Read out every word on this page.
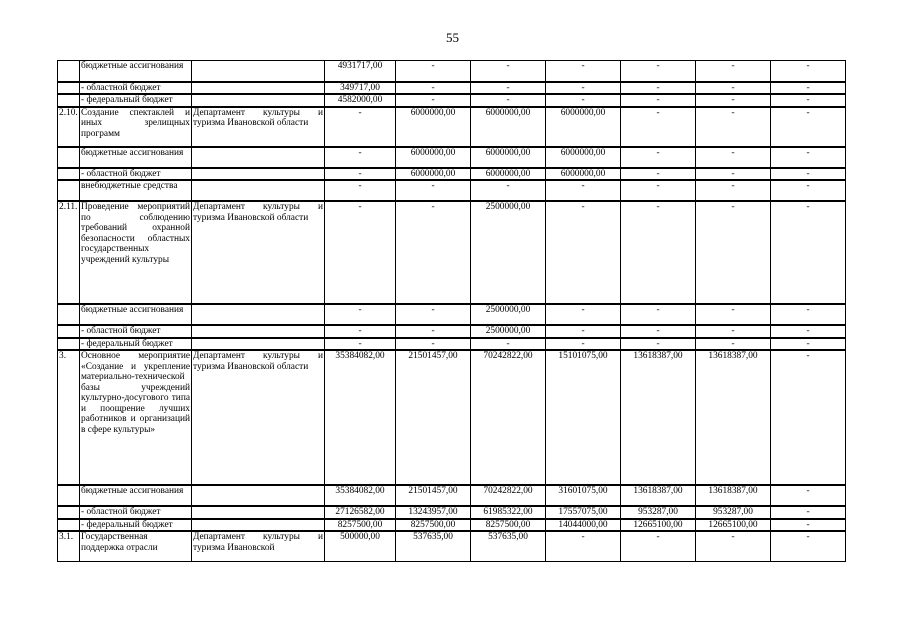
55
	бюджетные ассигнования		4931717,00	-	-	-	-	-	-
	- областной бюджет		349717,00	-	-	-	-	-	-
	- федеральный бюджет		4582000,00	-	-	-	-	-	-
2.10.	Создание спектаклей и иных зрелищных программ	Департамент культуры и туризма Ивановской области	-	6000000,00	6000000,00	6000000,00	-	-	-
	бюджетные ассигнования		-	6000000,00	6000000,00	6000000,00	-	-	-
	- областной бюджет		-	6000000,00	6000000,00	6000000,00	-	-	-
	внебюджетные средства		-	-	-	-	-	-	-
2.11.	Проведение мероприятий по соблюдению требований охранной безопасности областных государственных учреждений культуры	Департамент культуры и туризма Ивановской области	-	-	2500000,00	-	-	-	-
	бюджетные ассигнования		-	-	2500000,00	-	-	-	-
	- областной бюджет		-	-	2500000,00	-	-	-	-
	- федеральный бюджет		-	-	-	-	-	-	-
3.	Основное мероприятие «Создание и укрепление материально-технической базы учреждений культурно-досугового типа и поощрение лучших работников и организаций в сфере культуры»	Департамент культуры и туризма Ивановской области	35384082,00	21501457,00	70242822,00	15101075,00	13618387,00	13618387,00	-
	бюджетные ассигнования		35384082,00	21501457,00	70242822,00	31601075,00	13618387,00	13618387,00	-
	- областной бюджет		27126582,00	13243957,00	61985322,00	17557075,00	953287,00	953287,00	-
	- федеральный бюджет		8257500,00	8257500,00	8257500,00	14044000,00	12665100,00	12665100,00	-
3.1.	Государственная поддержка отрасли	Департамент культуры и туризма Ивановской	500000,00	537635,00	537635,00	-	-	-	-
